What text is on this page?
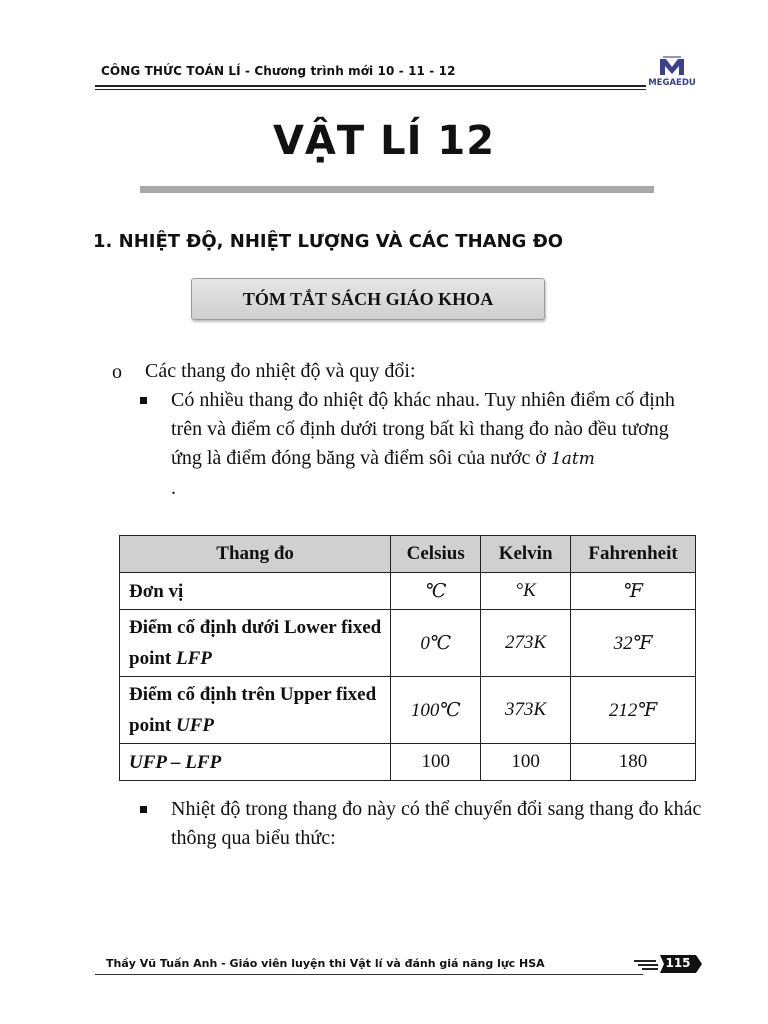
CÔNG THỨC TOÁN LÍ - Chương trình mới 10 - 11 - 12
MEGAEDU
VẬT LÍ 12
1. NHIỆT ĐỘ, NHIỆT LƯỢNG VÀ CÁC THANG ĐO
TÓM TẮT SÁCH GIÁO KHOA
o Các thang đo nhiệt độ và quy đổi:
Có nhiều thang đo nhiệt độ khác nhau. Tuy nhiên điểm cố định trên và điểm cố định dưới trong bất kì thang đo nào đều tương ứng là điểm đóng băng và điểm sôi của nước ở 1atm
.
Thang đo	Celsius	Kelvin	Fahrenheit
Đơn vị	℃	°K	℉
Điểm cố định dưới Lower fixed point LFP	0℃	273K	32℉
Điểm cố định trên Upper fixed point UFP	100℃	373K	212℉
UFP – LFP	100	100	180
Nhiệt độ trong thang đo này có thể chuyển đổi sang thang đo khác thông qua biểu thức:
Thầy Vũ Tuấn Anh - Giáo viên luyện thi Vật lí và đánh giá năng lực HSA	115
